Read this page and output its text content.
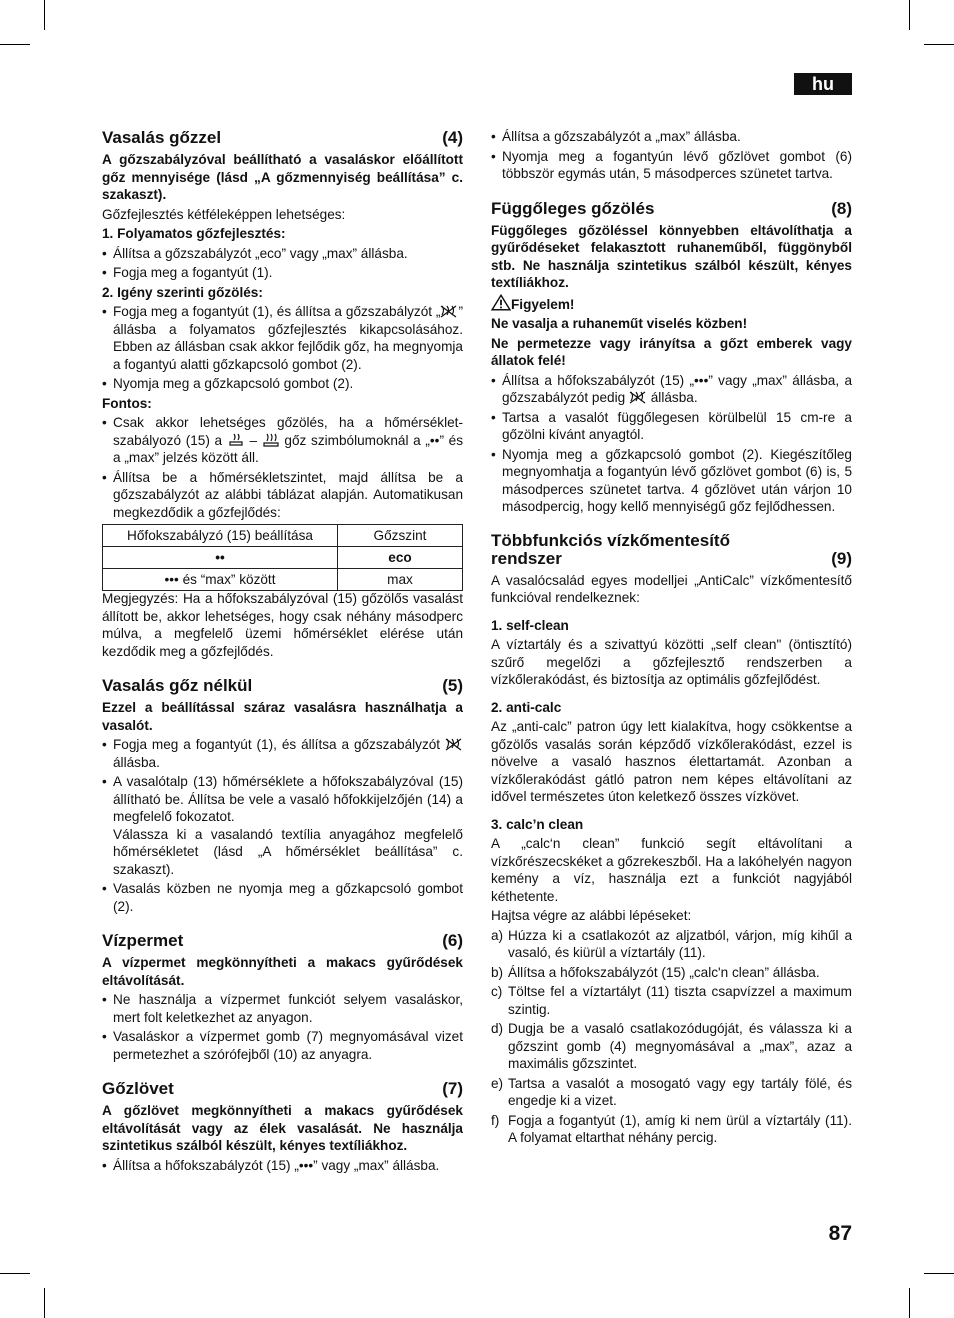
hu
87
Vasalás gőzzel	(4)

A gőzszabályzóval beállítható a vasaláskor előállított gőz mennyisége (lásd „A gőzmennyiség beállítása” c. szakaszt).

Gőzfejlesztés kétféleképpen lehetséges:

1. Folyamatos gőzfejlesztés:

• Állítsa a gőzszabályzót „eco” vagy „max” állásba.
• Fogja meg a fogantyút (1).

2. Igény szerinti gőzölés:

• Fogja meg a fogantyút (1), és állítsa a gőzszabályzót „ ” állásba a folyamatos gőzfejlesztés kikapcsolásához. Ebben az állásban csak akkor fejlődik gőz, ha megnyomja a fogantyú alatti gőzkapcsoló gombot (2).
• Nyomja meg a gőzkapcsoló gombot (2).

Fontos:

• Csak akkor lehetséges gőzölés, ha a hőmérséklet-szabályozó (15) a – gőz szimbólumoknál a „••” és a „max” jelzés között áll.
• Állítsa be a hőmérsékletszintet, majd állítsa be a gőzszabályzót az alábbi táblázat alapján. Automatikusan megkezdődik a gőzfejlődés:
Hőfokszabályzó (15) beállítása	Gőzszint
••	eco
••• és “max” között	max

Megjegyzés: Ha a hőfokszabályzóval (15) gőzölős vasalást állított be, akkor lehetséges, hogy csak néhány másodperc múlva, a megfelelő üzemi hőmérséklet elérése után kezdődik meg a gőzfejlődés.

Vasalás gőz nélkül	(5)

Ezzel a beállítással száraz vasalásra használhatja a vasalót.

• Fogja meg a fogantyút (1), és állítsa a gőzszabályzót  állásba.
• A vasalótalp (13) hőmérséklete a hőfokszabályzóval (15) állítható be. Állítsa be vele a vasaló hőfokkijelzőjén (14) a megfelelő fokozatot.

Válassza ki a vasalandó textília anyagához megfelelő hőmérsékletet (lásd „A hőmérséklet beállítása” c. szakaszt).

• Vasalás közben ne nyomja meg a gőzkapcsoló gombot (2).
Vízpermet	(6)

A vízpermet megkönnyítheti a makacs gyűrődések eltávolítását.

• Ne használja a vízpermet funkciót selyem vasaláskor, mert folt keletkezhet az anyagon.
• Vasaláskor a vízpermet gomb (7) megnyomásával vizet permetezhet a szórófejből (10) az anyagra.
Gőzlövet	(7)

A gőzlövet megkönnyítheti a makacs gyűrődések eltávolítását vagy az élek vasalását. Ne használja szintetikus szálból készült, kényes textíliákhoz.

• Állítsa a hőfokszabályzót (15) „•••” vagy „max” állásba.
• Állítsa a gőzszabályzót a „max” állásba.
• Nyomja meg a fogantyún lévő gőzlövet gombot (6) többször egymás után, 5 másodperces szünetet tartva.
Függőleges gőzölés	(8)

Függőleges gőzöléssel könnyebben eltávolíthatja a gyűrődéseket felakasztott ruhaneműből, függönyből stb. Ne használja szintetikus szálból készült, kényes textíliákhoz.

Figyelem!

Ne vasalja a ruhaneműt viselés közben!

Ne permetezze vagy irányítsa a gőzt emberek vagy állatok felé!

• Állítsa a hőfokszabályzót (15) „•••” vagy „max” állásba, a gőzszabályzót pedig állásba.
• Tartsa a vasalót függőlegesen körülbelül 15 cm-re a gőzölni kívánt anyagtól.
• Nyomja meg a gőzkapcsoló gombot (2). Kiegészítőleg megnyomhatja a fogantyún lévő gőzlövet gombot (6) is, 5 másodperces szünetet tartva. 4 gőzlövet után várjon 10 másodpercig, hogy kellő mennyiségű gőz fejlődhessen.
Többfunkciós vízkőmentesítő rendszer	(9)

A vasalócsalád egyes modelljei „AntiCalc” vízkőmentesítő funkcióval rendelkeznek:

1. self-clean

A víztartály és a szivattyú közötti „self clean" (öntisztító) szűrő megelőzi a gőzfejlesztő rendszerben a vízkőlerakódást, és biztosítja az optimális gőzfejlődést.

2. anti-calc

Az „anti-calc” patron úgy lett kialakítva, hogy csökkentse a gőzölős vasalás során képződő vízkőlerakódást, ezzel is növelve a vasaló hasznos élettartamát. Azonban a vízkőlerakódást gátló patron nem képes eltávolítani az idővel természetes úton keletkező összes vízkövet.

3. calc’n clean

A „calc‘n clean” funkció segít eltávolítani a vízkőrészecskéket a gőzrekeszből. Ha a lakóhelyén nagyon kemény a víz, használja ezt a funkciót nagyjából kéthetente.

Hajtsa végre az alábbi lépéseket:

a) Húzza ki a csatlakozót az aljzatból, várjon, míg kihűl a vasaló, és kiürül a víztartály (11).
b) Állítsa a hőfokszabályzót (15) „calc'n clean” állásba.
c) Töltse fel a víztartályt (11) tiszta csapvízzel a maximum szintig.
d) Dugja be a vasaló csatlakozódugóját, és válassza ki a gőzszint gomb (4) megnyomásával a „max”, azaz a maximális gőzszintet.
e) Tartsa a vasalót a mosogató vagy egy tartály fölé, és engedje ki a vizet.
f) Fogja a fogantyút (1), amíg ki nem ürül a víztartály (11). A folyamat eltarthat néhány percig.
